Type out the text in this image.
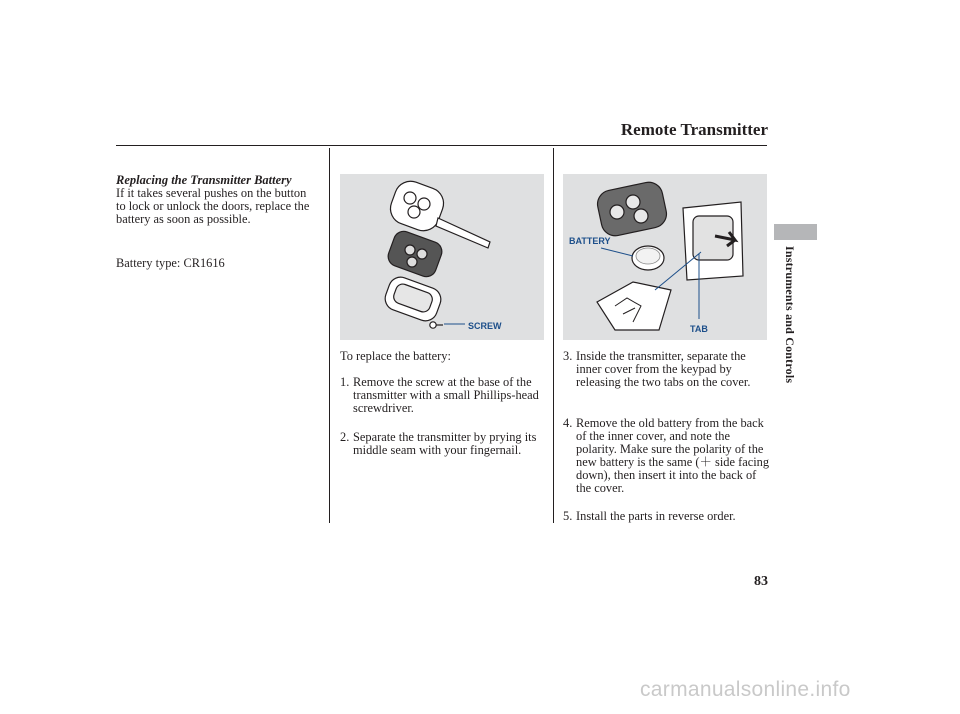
Remote Transmitter
Instruments and Controls
Replacing the Transmitter Battery
If it takes several pushes on the button to lock or unlock the doors, replace the battery as soon as possible.
Battery type: CR1616
SCREW
BATTERY
TAB
To replace the battery:
1. Remove the screw at the base of the transmitter with a small Phillips-head screwdriver.
2. Separate the transmitter by prying its middle seam with your fingernail.
3. Inside the transmitter, separate the inner cover from the keypad by releasing the two tabs on the cover.
4. Remove the old battery from the back of the inner cover, and note the polarity. Make sure the polarity of the new battery is the same (＋ side facing down), then insert it into the back of the cover.
5. Install the parts in reverse order.
83
carmanualsonline.info
